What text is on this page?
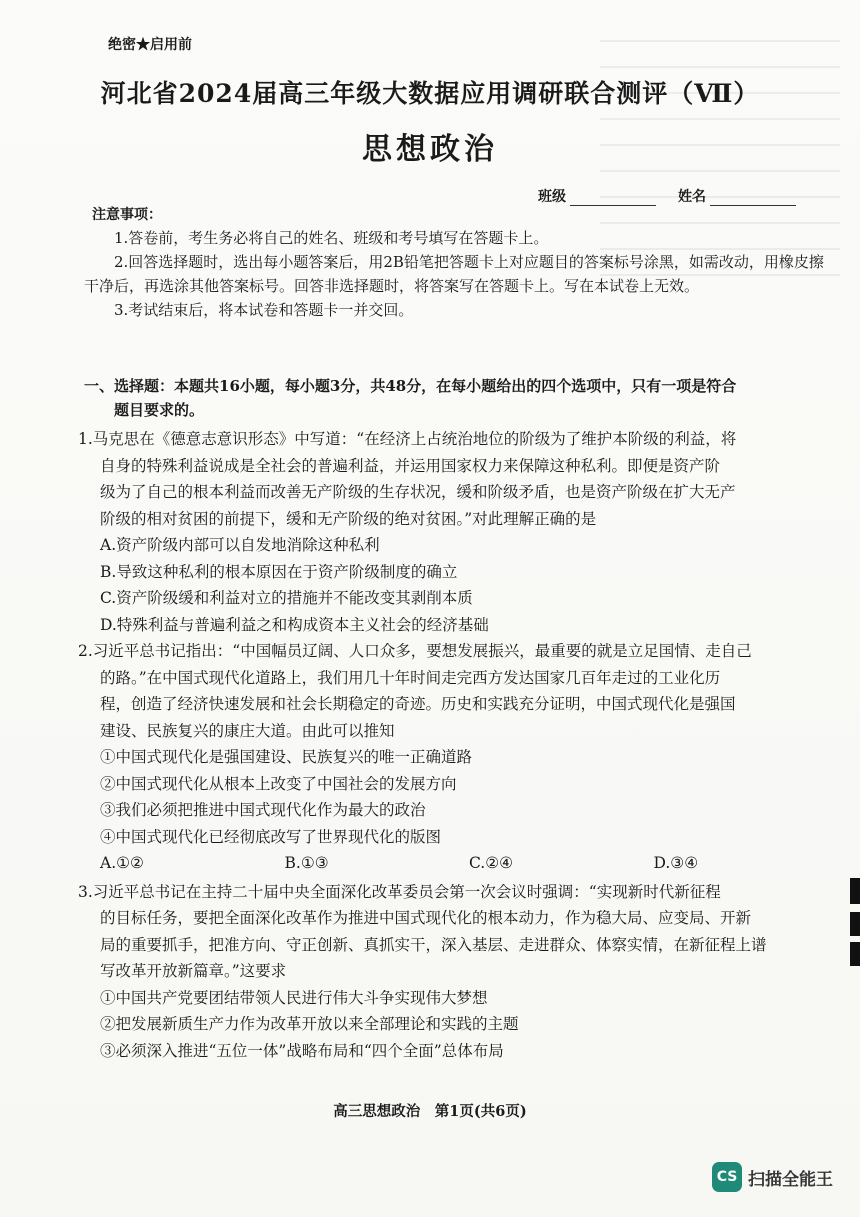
绝密★启用前
河北省2024届高三年级大数据应用调研联合测评（Ⅶ）
思想政治
班级	姓名
注意事项：

1.答卷前，考生务必将自己的姓名、班级和考号填写在答题卡上。

2.回答选择题时，选出每小题答案后，用2B铅笔把答题卡上对应题目的答案标号涂黑，如需改动，用橡皮擦干净后，再选涂其他答案标号。回答非选择题时，将答案写在答题卡上。写在本试卷上无效。

3.考试结束后，将本试卷和答题卡一并交回。

一、选择题：本题共16小题，每小题3分，共48分，在每小题给出的四个选项中，只有一项是符合
题目要求的。

1.马克思在《德意志意识形态》中写道：“在经济上占统治地位的阶级为了维护本阶级的利益，将

自身的特殊利益说成是全社会的普遍利益，并运用国家权力来保障这种私利。即便是资产阶

级为了自己的根本利益而改善无产阶级的生存状况，缓和阶级矛盾，也是资产阶级在扩大无产

阶级的相对贫困的前提下，缓和无产阶级的绝对贫困。”对此理解正确的是

A.资产阶级内部可以自发地消除这种私利

B.导致这种私利的根本原因在于资产阶级制度的确立

C.资产阶级缓和利益对立的措施并不能改变其剥削本质

D.特殊利益与普遍利益之和构成资本主义社会的经济基础

2.习近平总书记指出：“中国幅员辽阔、人口众多，要想发展振兴，最重要的就是立足国情、走自己

的路。”在中国式现代化道路上，我们用几十年时间走完西方发达国家几百年走过的工业化历

程，创造了经济快速发展和社会长期稳定的奇迹。历史和实践充分证明，中国式现代化是强国

建设、民族复兴的康庄大道。由此可以推知

①中国式现代化是强国建设、民族复兴的唯一正确道路

②中国式现代化从根本上改变了中国社会的发展方向

③我们必须把推进中国式现代化作为最大的政治

④中国式现代化已经彻底改写了世界现代化的版图

A.①②	B.①③	C.②④	D.③④

3.习近平总书记在主持二十届中央全面深化改革委员会第一次会议时强调：“实现新时代新征程

的目标任务，要把全面深化改革作为推进中国式现代化的根本动力，作为稳大局、应变局、开新

局的重要抓手，把准方向、守正创新、真抓实干，深入基层、走进群众、体察实情，在新征程上谱

写改革开放新篇章。”这要求

①中国共产党要团结带领人民进行伟大斗争实现伟大梦想

②把发展新质生产力作为改革开放以来全部理论和实践的主题

③必须深入推进“五位一体”战略布局和“四个全面”总体布局

高三思想政治　第1页(共6页)
CS 扫描全能王
